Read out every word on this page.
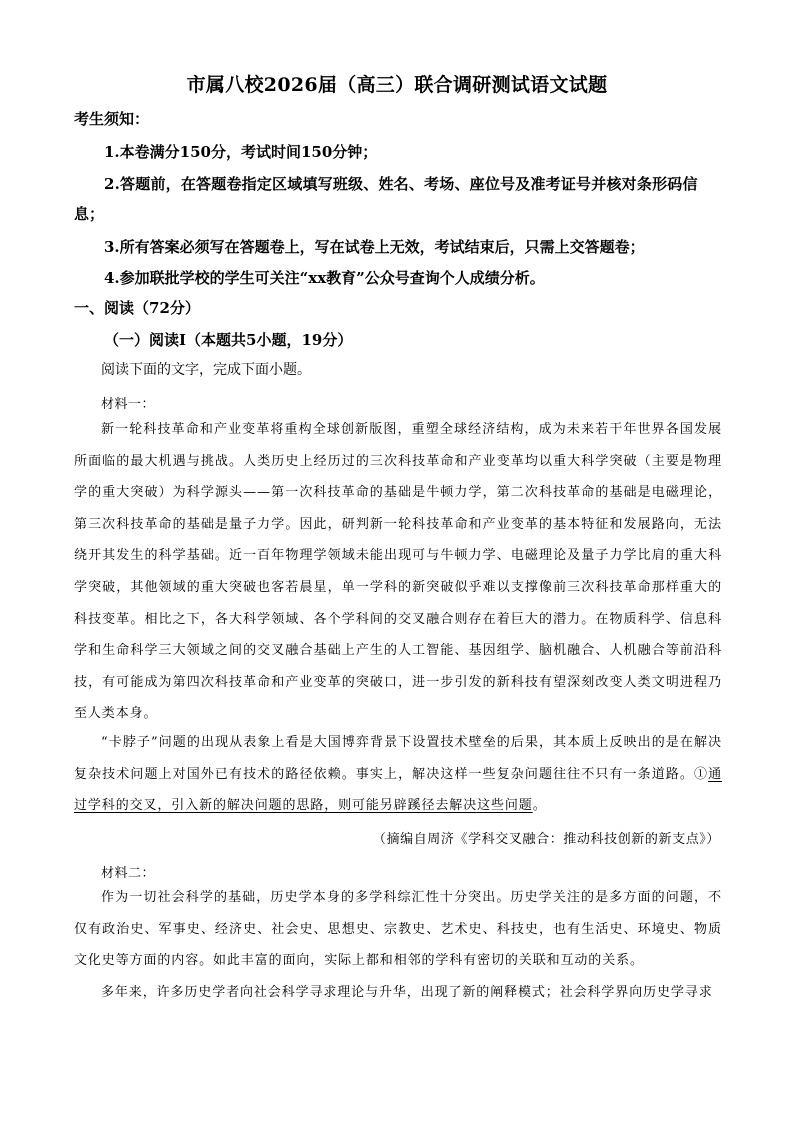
市属八校2026届（高三）联合调研测试语文试题
考生须知：
1.本卷满分150分，考试时间150分钟；
2.答题前，在答题卷指定区域填写班级、姓名、考场、座位号及准考证号并核对条形码信
息；
3.所有答案必须写在答题卷上，写在试卷上无效，考试结束后，只需上交答题卷；
4.参加联批学校的学生可关注“xx教育”公众号查询个人成绩分析。
一、阅读（72分）
（一）阅读Ⅰ（本题共5小题，19分）
阅读下面的文字，完成下面小题。
材料一：
新一轮科技革命和产业变革将重构全球创新版图，重塑全球经济结构，成为未来若干年世界各国发展所面临的最大机遇与挑战。人类历史上经历过的三次科技革命和产业变革均以重大科学突破（主要是物理学的重大突破）为科学源头——第一次科技革命的基础是牛顿力学，第二次科技革命的基础是电磁理论，第三次科技革命的基础是量子力学。因此，研判新一轮科技革命和产业变革的基本特征和发展路向，无法绕开其发生的科学基础。近一百年物理学领域未能出现可与牛顿力学、电磁理论及量子力学比肩的重大科学突破，其他领域的重大突破也客若晨星，单一学科的新突破似乎难以支撑像前三次科技革命那样重大的科技变革。相比之下，各大科学领域、各个学科间的交叉融合则存在着巨大的潜力。在物质科学、信息科学和生命科学三大领域之间的交叉融合基础上产生的人工智能、基因组学、脑机融合、人机融合等前沿科技，有可能成为第四次科技革命和产业变革的突破口，进一步引发的新科技有望深刻改变人类文明进程乃至人类本身。
“卡脖子”问题的出现从表象上看是大国博弈背景下设置技术壁垒的后果，其本质上反映出的是在解决复杂技术问题上对国外已有技术的路径依赖。事实上，解决这样一些复杂问题往往不只有一条道路。①通过学科的交叉，引入新的解决问题的思路，则可能另辟蹊径去解决这些问题。
（摘编自周济《学科交叉融合：推动科技创新的新支点》）
材料二：
作为一切社会科学的基础，历史学本身的多学科综汇性十分突出。历史学关注的是多方面的问题，不仅有政治史、军事史、经济史、社会史、思想史、宗教史、艺术史、科技史，也有生活史、环境史、物质文化史等方面的内容。如此丰富的面向，实际上都和相邻的学科有密切的关联和互动的关系。
多年来，许多历史学者向社会科学寻求理论与升华，出现了新的阐释模式；社会科学界向历史学寻求
